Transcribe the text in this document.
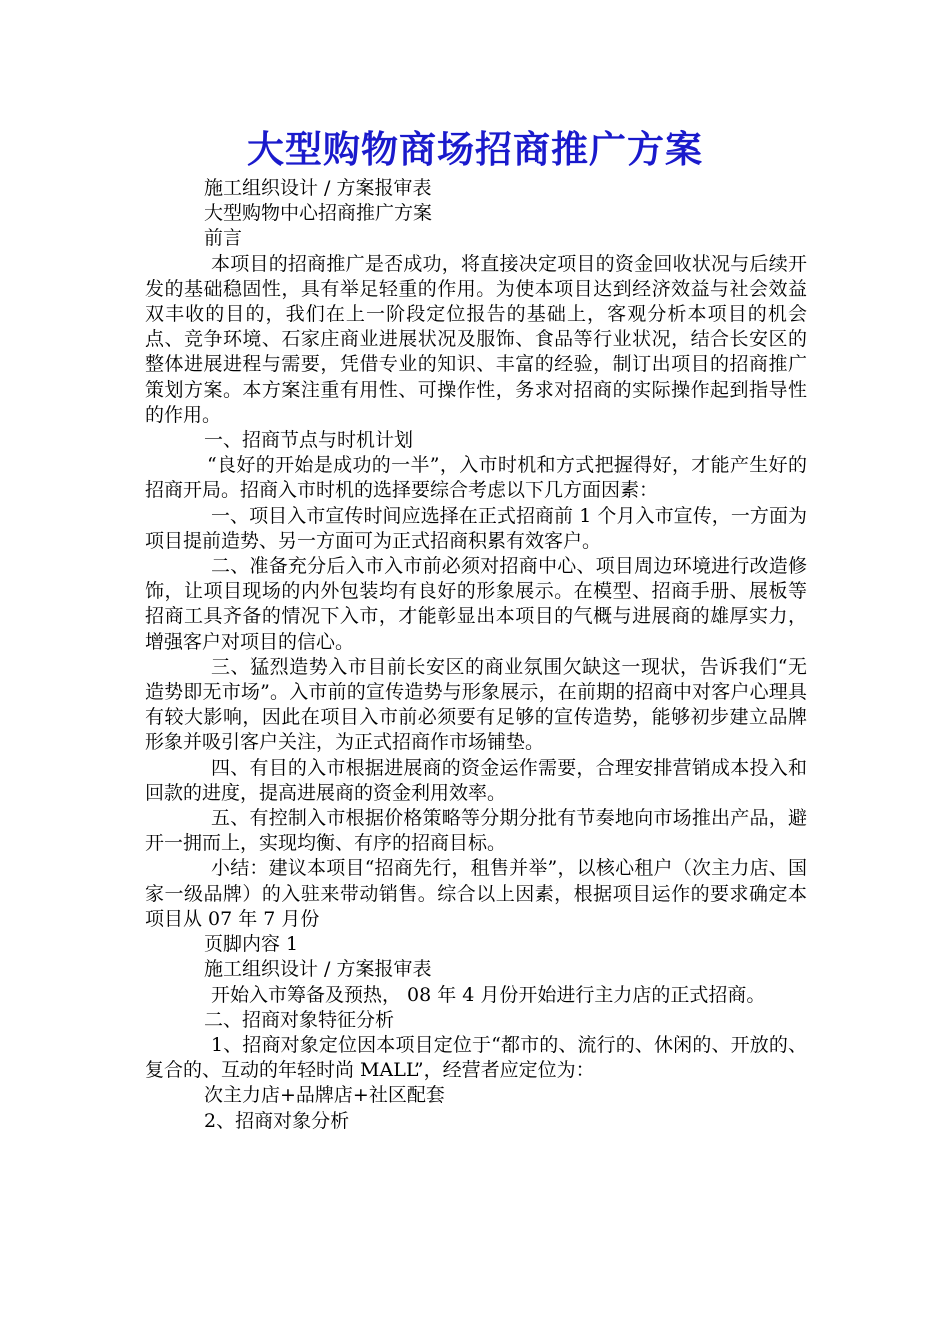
大型购物商场招商推广方案

施工组织设计 / 方案报审表

大型购物中心招商推广方案

前言

本项目的招商推广是否成功，将直接决定项目的资金回收状况与后续开发的基础稳固性，具有举足轻重的作用。为使本项目达到经济效益与社会效益双丰收的目的，我们在上一阶段定位报告的基础上，客观分析本项目的机会点、竞争环境、石家庄商业进展状况及服饰、食品等行业状况，结合长安区的整体进展进程与需要，凭借专业的知识、丰富的经验，制订出项目的招商推广策划方案。本方案注重有用性、可操作性，务求对招商的实际操作起到指导性的作用。

一、招商节点与时机计划

“良好的开始是成功的一半”，入市时机和方式把握得好，才能产生好的招商开局。招商入市时机的选择要综合考虑以下几方面因素：

一、项目入市宣传时间应选择在正式招商前 1 个月入市宣传，一方面为项目提前造势、另一方面可为正式招商积累有效客户。

二、准备充分后入市入市前必须对招商中心、项目周边环境进行改造修饰，让项目现场的内外包装均有良好的形象展示。在模型、招商手册、展板等招商工具齐备的情况下入市，才能彰显出本项目的气概与进展商的雄厚实力，增强客户对项目的信心。

三、猛烈造势入市目前长安区的商业氛围欠缺这一现状，告诉我们“无造势即无市场”。入市前的宣传造势与形象展示，在前期的招商中对客户心理具有较大影响，因此在项目入市前必须要有足够的宣传造势，能够初步建立品牌形象并吸引客户关注，为正式招商作市场铺垫。

四、有目的入市根据进展商的资金运作需要，合理安排营销成本投入和回款的进度，提高进展商的资金利用效率。

五、有控制入市根据价格策略等分期分批有节奏地向市场推出产品，避开一拥而上，实现均衡、有序的招商目标。

小结：建议本项目“招商先行，租售并举”，以核心租户（次主力店、国家一级品牌）的入驻来带动销售。综合以上因素，根据项目运作的要求确定本项目从 07 年 7 月份

页脚内容 1

施工组织设计 / 方案报审表

开始入市筹备及预热， 08 年 4 月份开始进行主力店的正式招商。

二、招商对象特征分析

1、招商对象定位因本项目定位于“都市的、流行的、休闲的、开放的、复合的、互动的年轻时尚 MALL”，经营者应定位为：

次主力店+品牌店+社区配套

2、招商对象分析
